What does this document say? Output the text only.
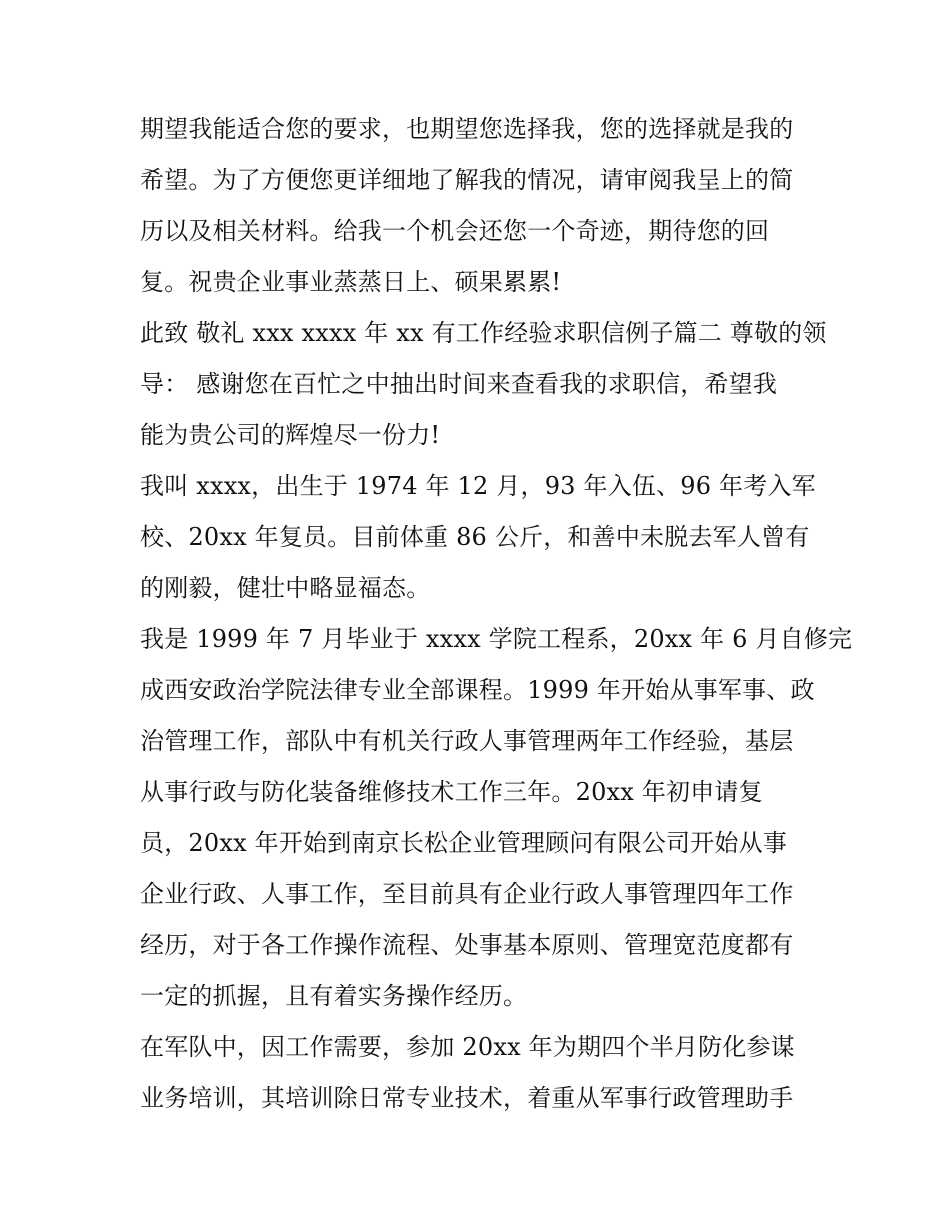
期望我能适合您的要求，也期望您选择我，您的选择就是我的
希望。为了方便您更详细地了解我的情况，请审阅我呈上的简
历以及相关材料。给我一个机会还您一个奇迹，期待您的回
复。祝贵企业事业蒸蒸日上、硕果累累!
此致 敬礼 xxx xxxx 年 xx 有工作经验求职信例子篇二 尊敬的领
导： 感谢您在百忙之中抽出时间来查看我的求职信，希望我
能为贵公司的辉煌尽一份力!
我叫 xxxx，出生于 1974 年 12 月，93 年入伍、96 年考入军
校、20xx 年复员。目前体重 86 公斤，和善中未脱去军人曾有
的刚毅，健壮中略显福态。
我是 1999 年 7 月毕业于 xxxx 学院工程系，20xx 年 6 月自修完
成西安政治学院法律专业全部课程。1999 年开始从事军事、政
治管理工作，部队中有机关行政人事管理两年工作经验，基层
从事行政与防化装备维修技术工作三年。20xx 年初申请复
员，20xx 年开始到南京长松企业管理顾问有限公司开始从事
企业行政、人事工作，至目前具有企业行政人事管理四年工作
经历，对于各工作操作流程、处事基本原则、管理宽范度都有
一定的抓握，且有着实务操作经历。
在军队中，因工作需要，参加 20xx 年为期四个半月防化参谋
业务培训，其培训除日常专业技术，着重从军事行政管理助手
